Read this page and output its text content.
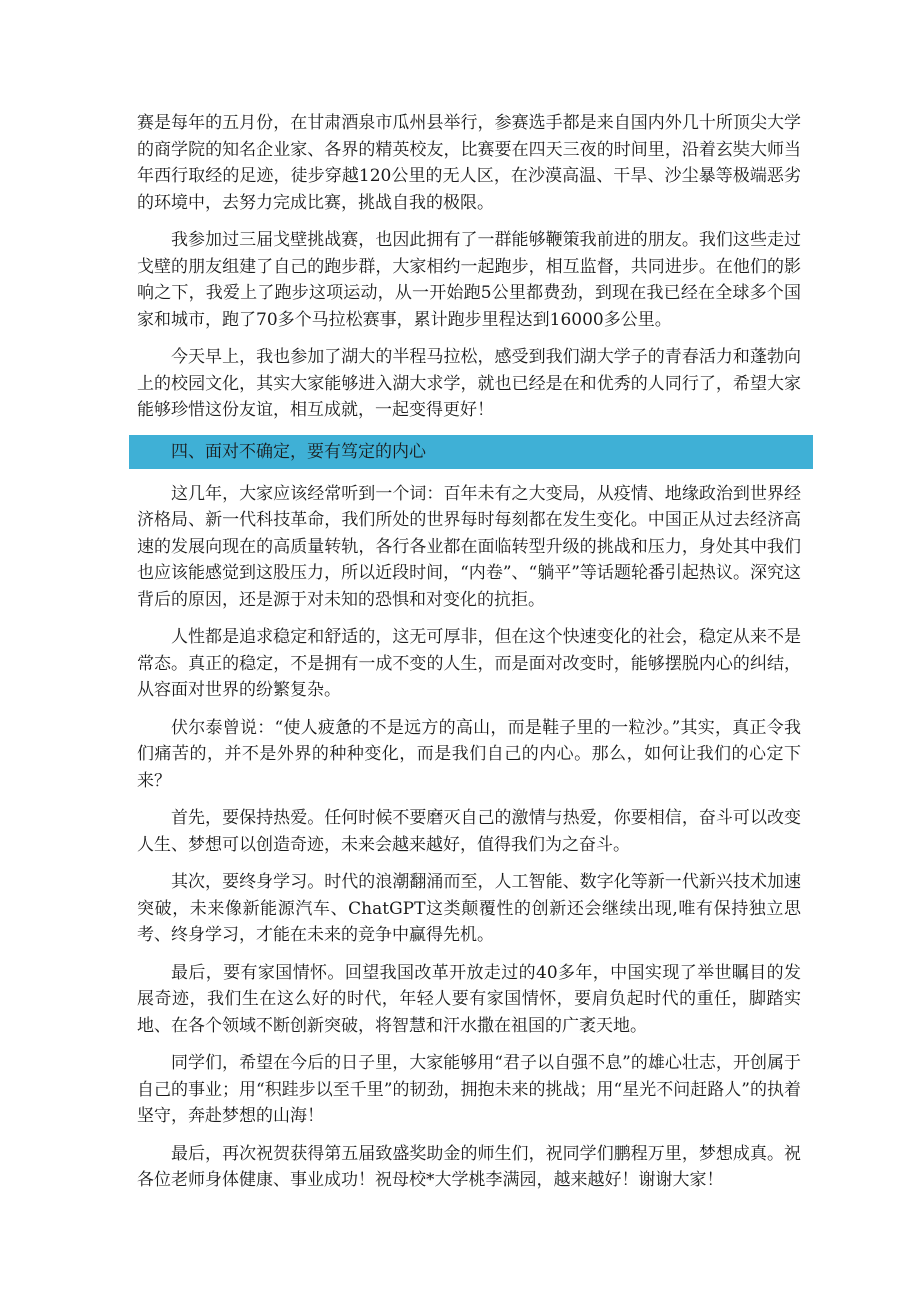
赛是每年的五月份，在甘肃酒泉市瓜州县举行，参赛选手都是来自国内外几十所顶尖大学的商学院的知名企业家、各界的精英校友，比赛要在四天三夜的时间里，沿着玄奘大师当年西行取经的足迹，徒步穿越120公里的无人区，在沙漠高温、干旱、沙尘暴等极端恶劣的环境中，去努力完成比赛，挑战自我的极限。

我参加过三届戈壁挑战赛，也因此拥有了一群能够鞭策我前进的朋友。我们这些走过戈壁的朋友组建了自己的跑步群，大家相约一起跑步，相互监督，共同进步。在他们的影响之下，我爱上了跑步这项运动，从一开始跑5公里都费劲，到现在我已经在全球多个国家和城市，跑了70多个马拉松赛事，累计跑步里程达到16000多公里。

今天早上，我也参加了湖大的半程马拉松，感受到我们湖大学子的青春活力和蓬勃向上的校园文化，其实大家能够进入湖大求学，就也已经是在和优秀的人同行了，希望大家能够珍惜这份友谊，相互成就，一起变得更好！

四、面对不确定，要有笃定的内心

这几年，大家应该经常听到一个词：百年未有之大变局，从疫情、地缘政治到世界经济格局、新一代科技革命，我们所处的世界每时每刻都在发生变化。中国正从过去经济高速的发展向现在的高质量转轨，各行各业都在面临转型升级的挑战和压力，身处其中我们也应该能感觉到这股压力，所以近段时间，“内卷”、“躺平”等话题轮番引起热议。深究这背后的原因，还是源于对未知的恐惧和对变化的抗拒。

人性都是追求稳定和舒适的，这无可厚非，但在这个快速变化的社会，稳定从来不是常态。真正的稳定，不是拥有一成不变的人生，而是面对改变时，能够摆脱内心的纠结，从容面对世界的纷繁复杂。

伏尔泰曾说：“使人疲惫的不是远方的高山，而是鞋子里的一粒沙。”其实，真正令我们痛苦的，并不是外界的种种变化，而是我们自己的内心。那么，如何让我们的心定下来？

首先，要保持热爱。任何时候不要磨灭自己的激情与热爱，你要相信，奋斗可以改变人生、梦想可以创造奇迹，未来会越来越好，值得我们为之奋斗。

其次，要终身学习。时代的浪潮翻涌而至，人工智能、数字化等新一代新兴技术加速突破，未来像新能源汽车、ChatGPT这类颠覆性的创新还会继续出现,唯有保持独立思考、终身学习，才能在未来的竞争中赢得先机。

最后，要有家国情怀。回望我国改革开放走过的40多年，中国实现了举世瞩目的发展奇迹，我们生在这么好的时代，年轻人要有家国情怀，要肩负起时代的重任，脚踏实地、在各个领域不断创新突破，将智慧和汗水撒在祖国的广袤天地。

同学们，希望在今后的日子里，大家能够用“君子以自强不息”的雄心壮志，开创属于自己的事业；用“积跬步以至千里”的韧劲，拥抱未来的挑战；用“星光不问赶路人”的执着坚守，奔赴梦想的山海！

最后，再次祝贺获得第五届致盛奖助金的师生们，祝同学们鹏程万里，梦想成真。祝各位老师身体健康、事业成功！祝母校*大学桃李满园，越来越好！谢谢大家！
